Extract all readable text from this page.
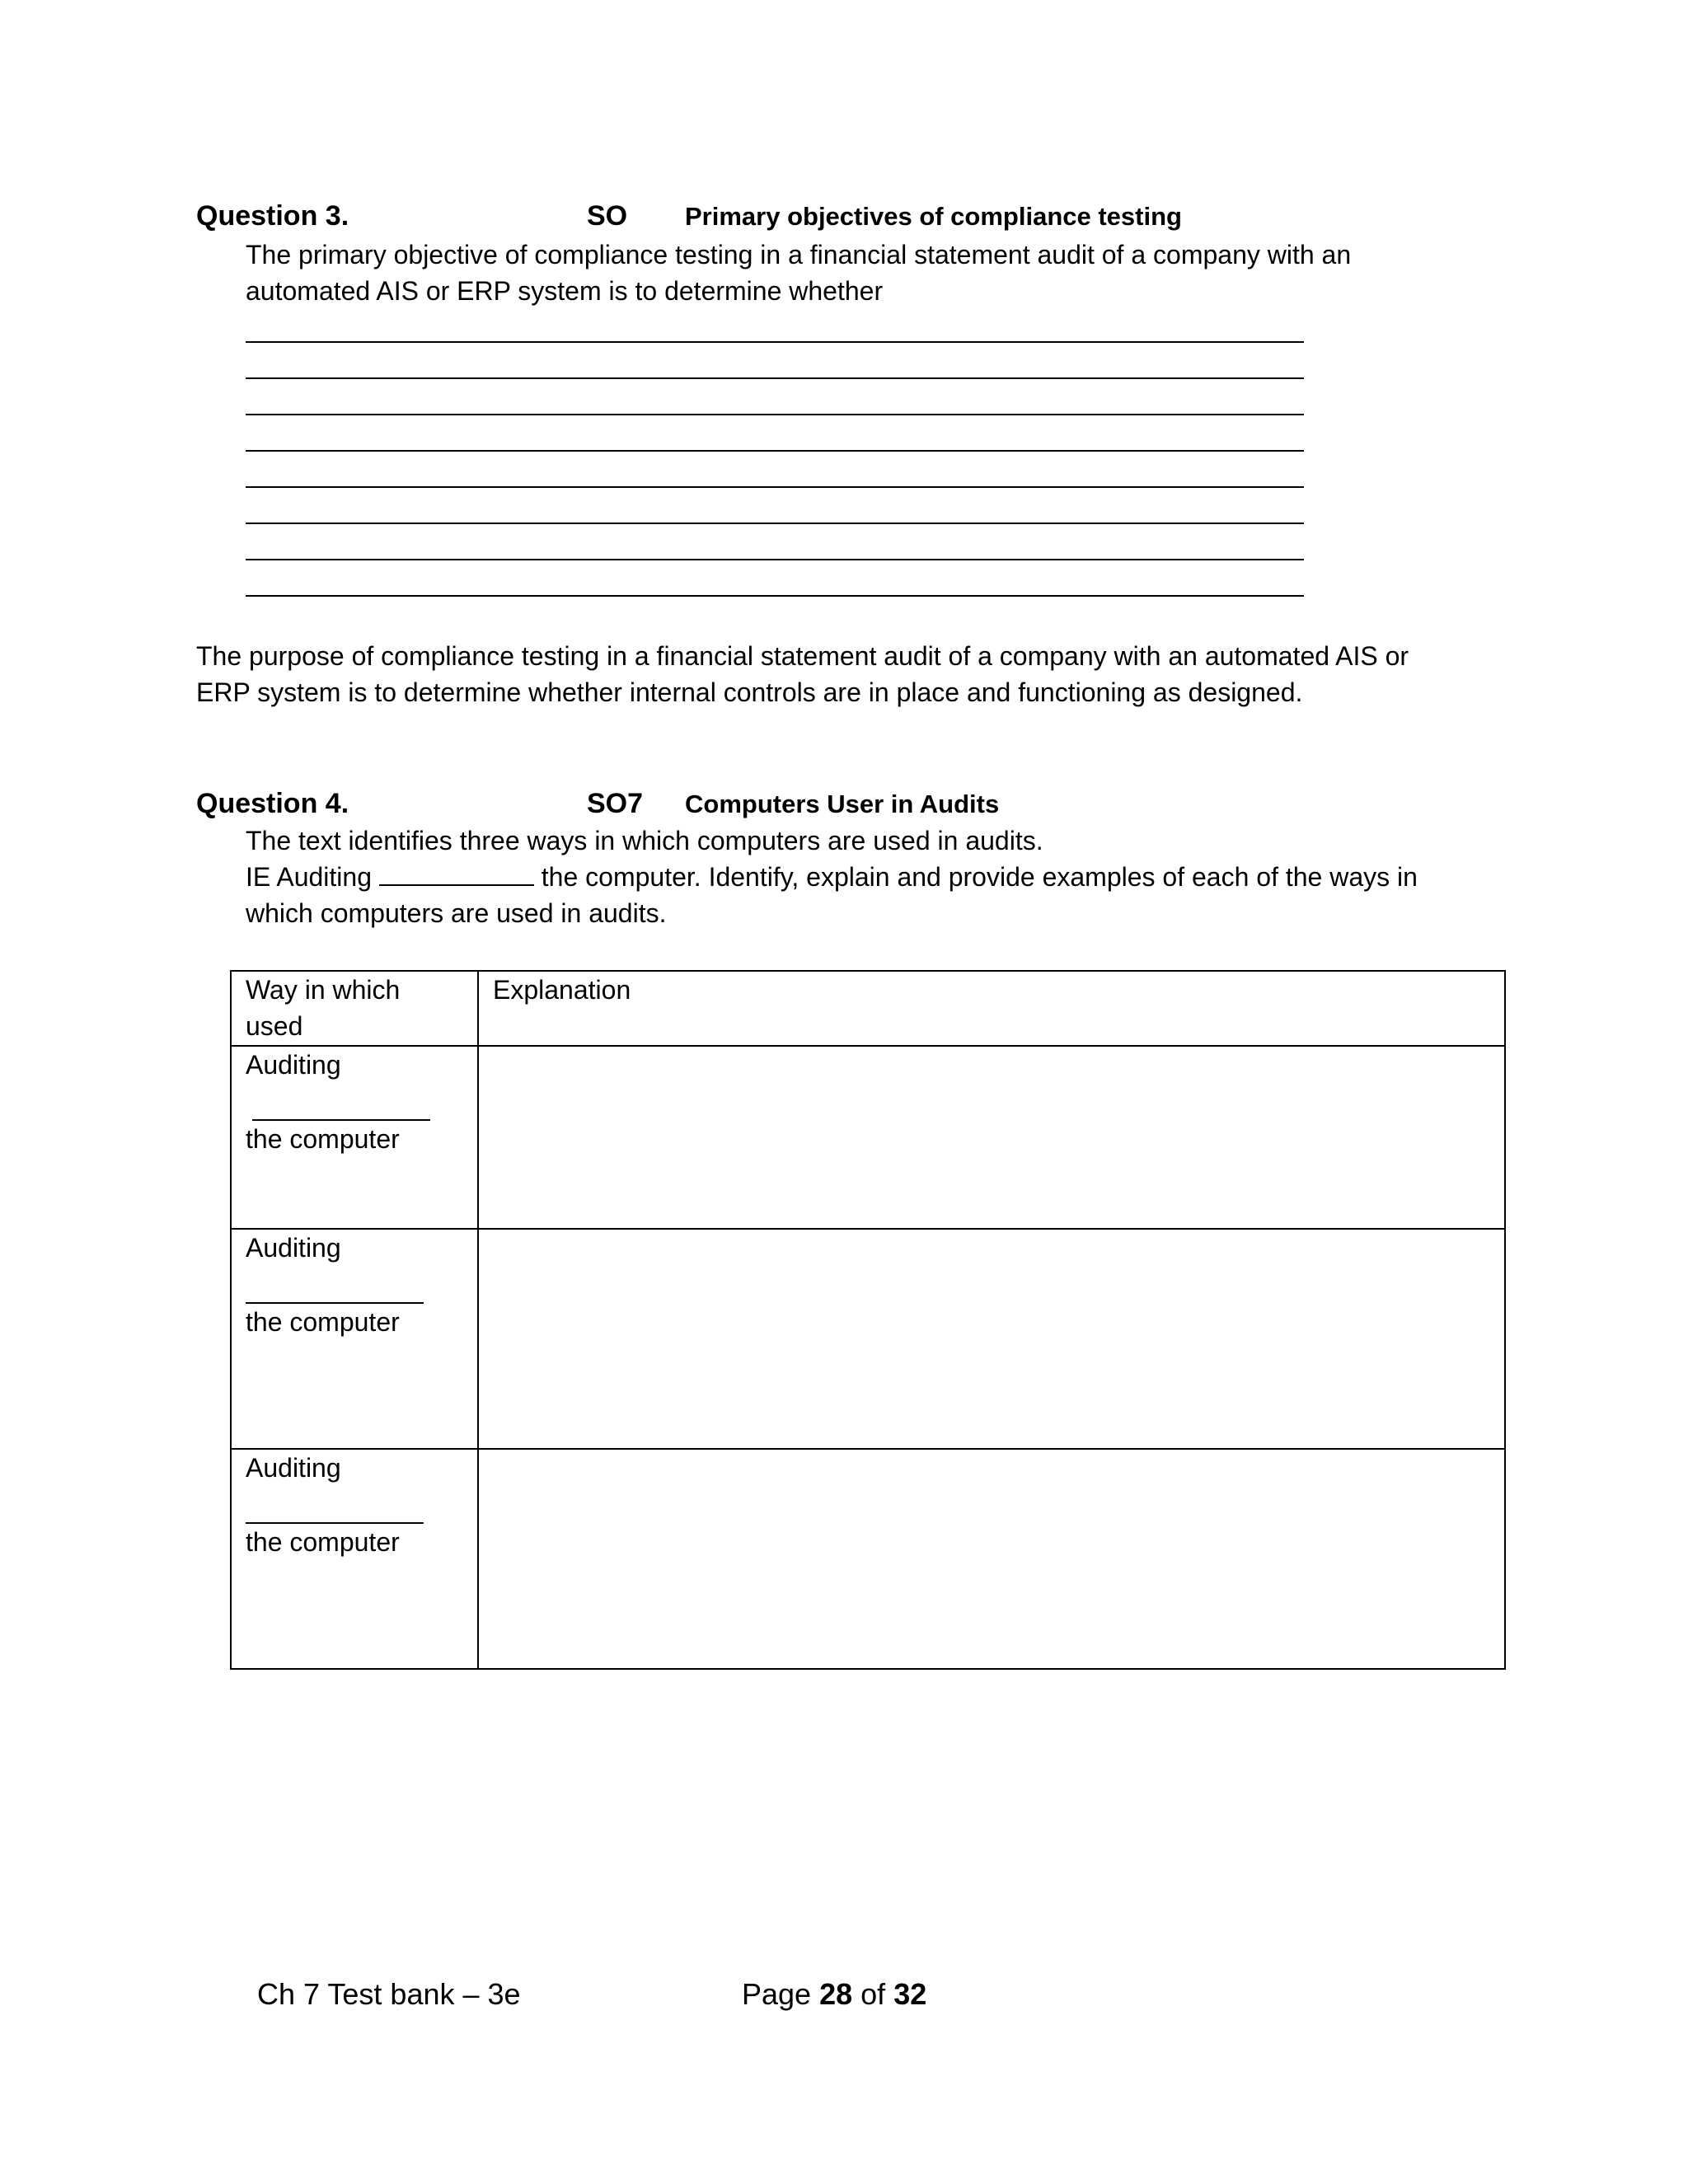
Question 3.	SO Primary objectives of compliance testing
The primary objective of compliance testing in a financial statement audit of a company with an
automated AIS or ERP system is to determine whether
The purpose of compliance testing in a financial statement audit of a company with an automated AIS or
ERP system is to determine whether internal controls are in place and functioning as designed.
Question 4.	SO7 Computers User in Audits
The text identifies three ways in which computers are used in audits.
IE Auditing	the computer. Identify, explain and provide examples of each of the ways in
which computers are used in audits.
Way in which
used	Explanation

Auditing
the computer	

Auditing
the computer	

Auditing
the computer	

Ch 7 Test bank – 3e	Page 28 of 32
